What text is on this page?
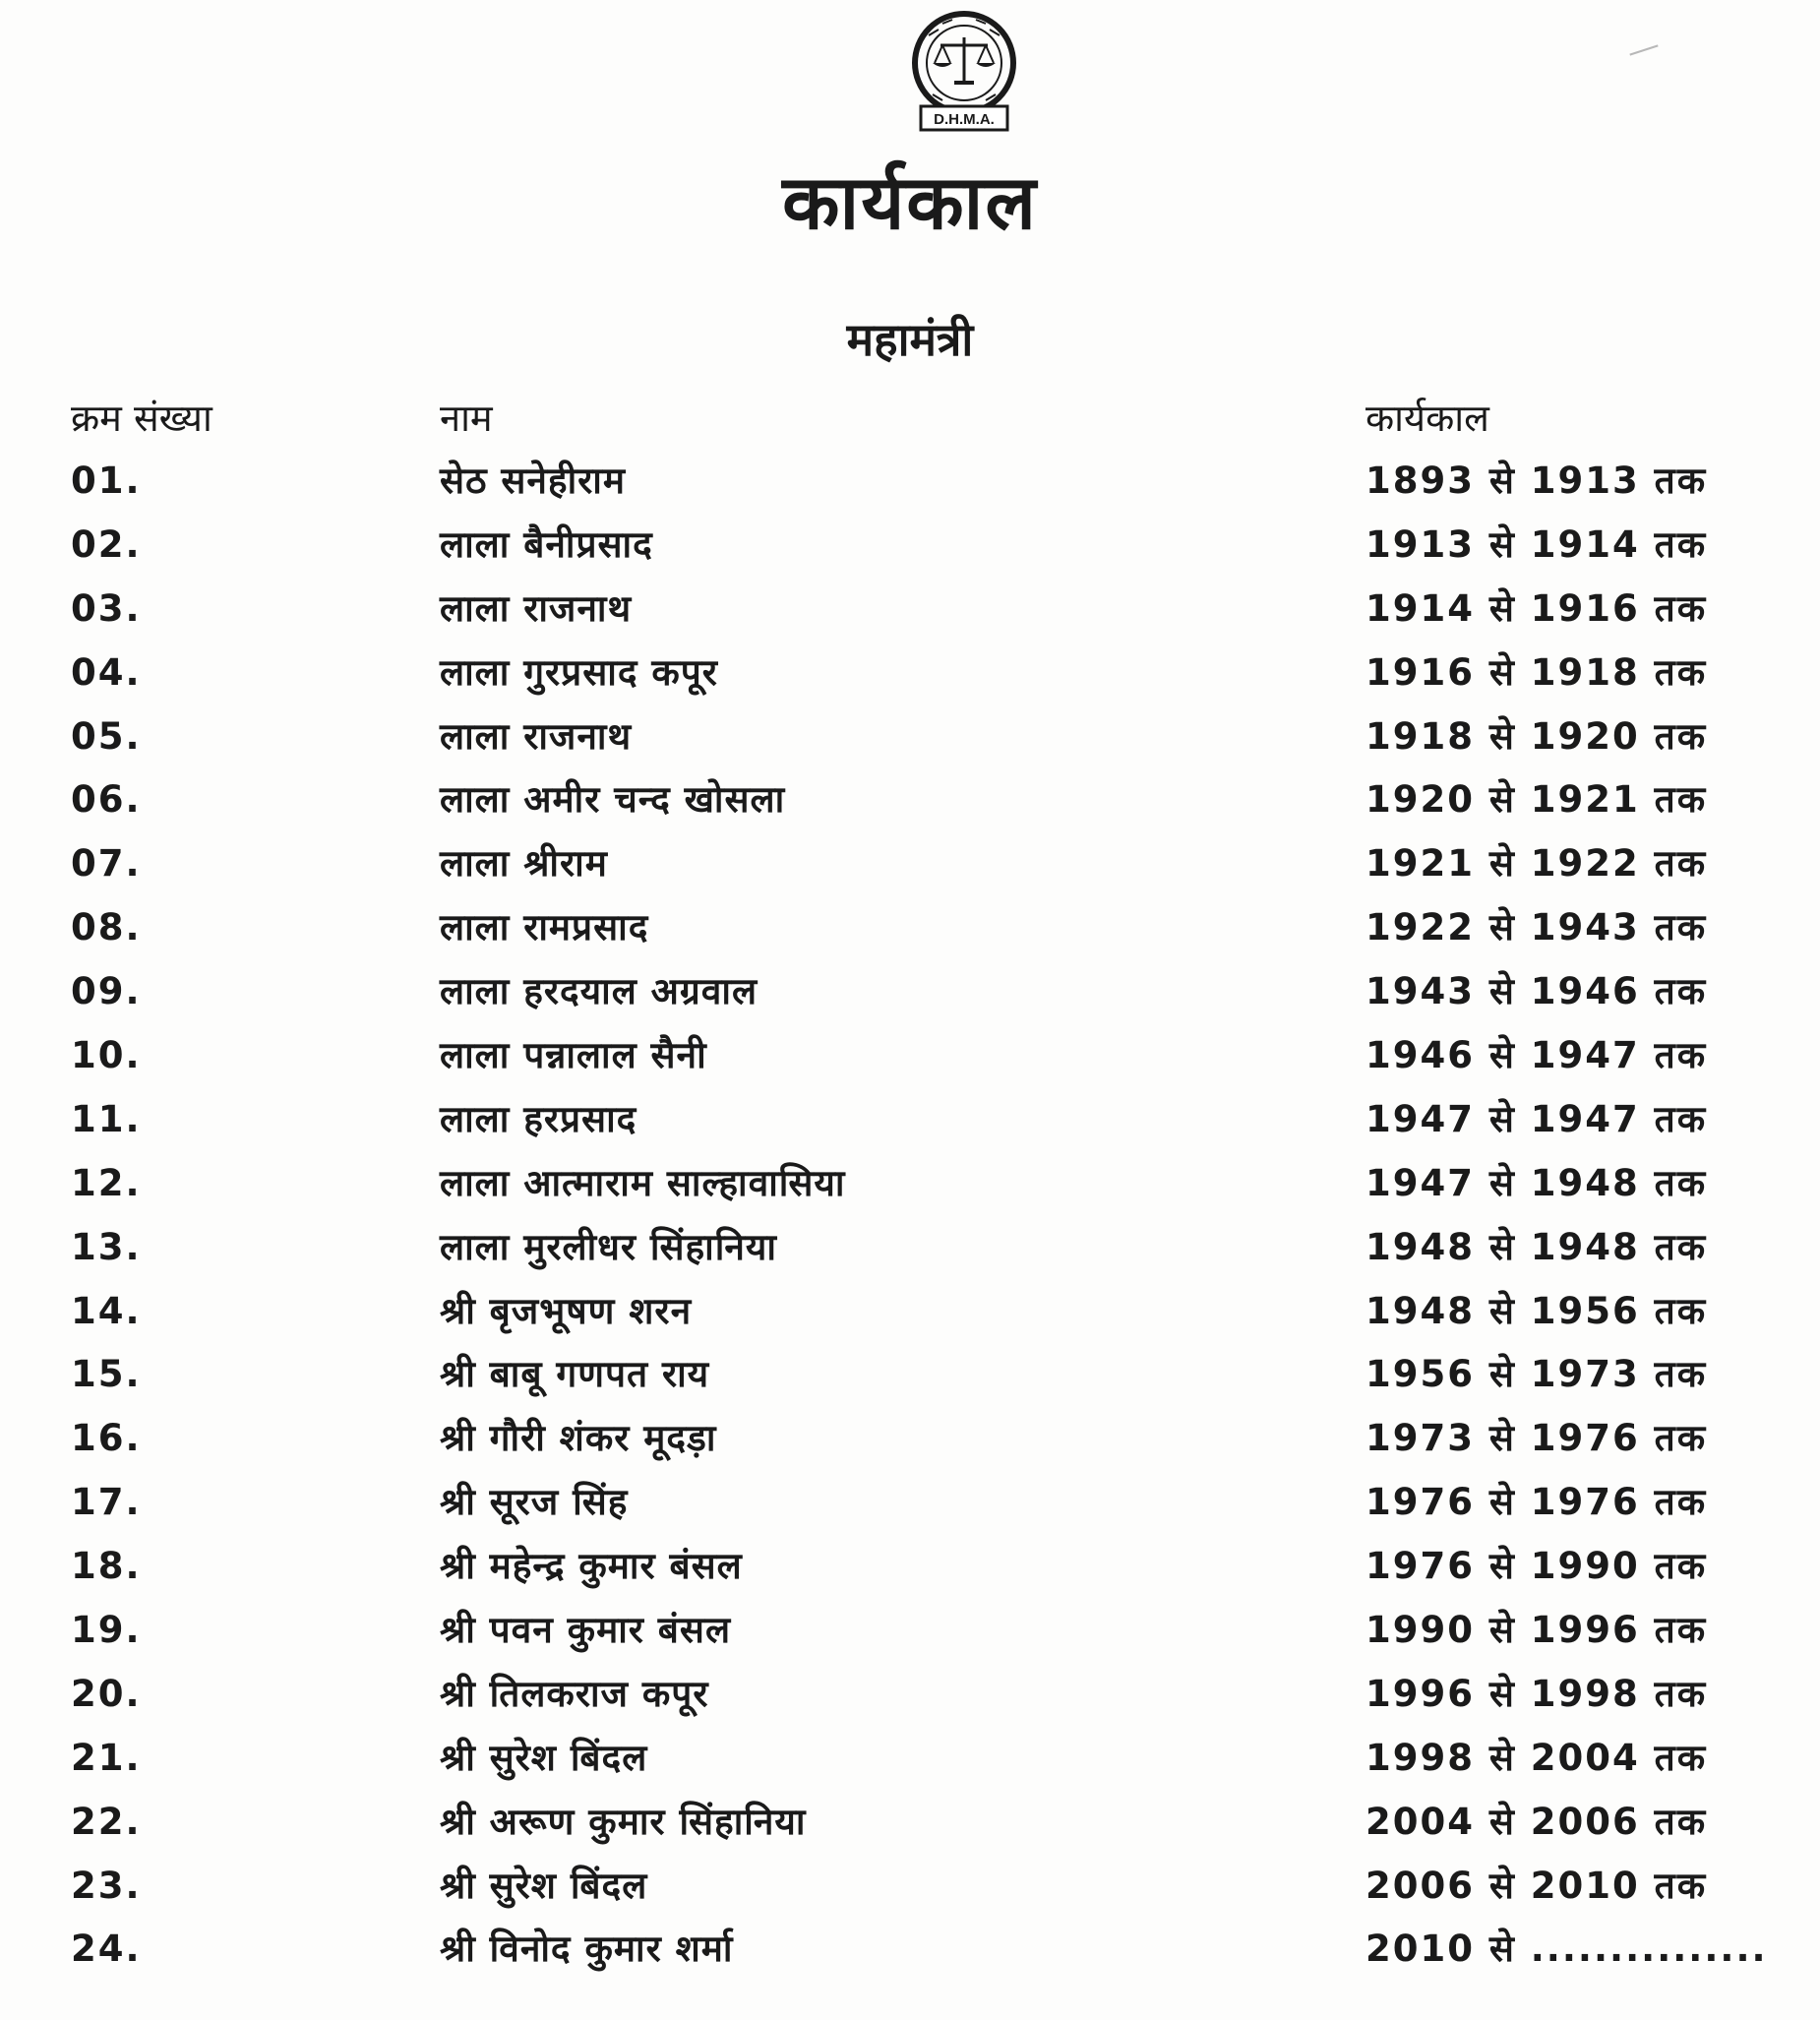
D.H.M.A.
कार्यकाल
महामंत्री
क्रम संख्या	नाम	कार्यकाल
01.	सेठ सनेहीराम	1893 से 1913 तक
02.	लाला बैनीप्रसाद	1913 से 1914 तक
03.	लाला राजनाथ	1914 से 1916 तक
04.	लाला गुरप्रसाद कपूर	1916 से 1918 तक
05.	लाला राजनाथ	1918 से 1920 तक
06.	लाला अमीर चन्द खोसला	1920 से 1921 तक
07.	लाला श्रीराम	1921 से 1922 तक
08.	लाला रामप्रसाद	1922 से 1943 तक
09.	लाला हरदयाल अग्रवाल	1943 से 1946 तक
10.	लाला पन्नालाल सैनी	1946 से 1947 तक
11.	लाला हरप्रसाद	1947 से 1947 तक
12.	लाला आत्माराम साल्हावासिया	1947 से 1948 तक
13.	लाला मुरलीधर सिंहानिया	1948 से 1948 तक
14.	श्री बृजभूषण शरन	1948 से 1956 तक
15.	श्री बाबू गणपत राय	1956 से 1973 तक
16.	श्री गौरी शंकर मूदड़ा	1973 से 1976 तक
17.	श्री सूरज सिंह	1976 से 1976 तक
18.	श्री महेन्द्र कुमार बंसल	1976 से 1990 तक
19.	श्री पवन कुमार बंसल	1990 से 1996 तक
20.	श्री तिलकराज कपूर	1996 से 1998 तक
21.	श्री सुरेश बिंदल	1998 से 2004 तक
22.	श्री अरूण कुमार सिंहानिया	2004 से 2006 तक
23.	श्री सुरेश बिंदल	2006 से 2010 तक
24.	श्री विनोद कुमार शर्मा	2010 से ...............
